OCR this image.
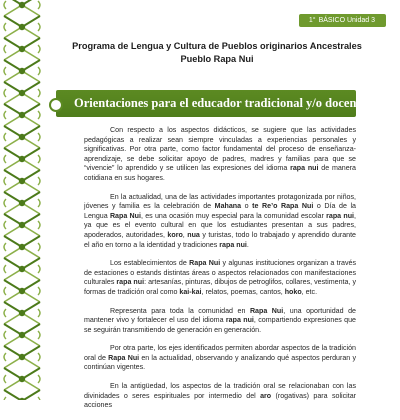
1° BÁSICO Unidad 3
Programa de Lengua y Cultura de Pueblos originarios Ancestrales
Pueblo Rapa Nui
Orientaciones para el educador tradicional y/o docente

Con respecto a los aspectos didácticos, se sugiere que las actividades pedagógicas a realizar sean siempre vinculadas a experiencias personales y significativas. Por otra parte, como factor fundamental del proceso de enseñanza-aprendizaje, se debe solicitar apoyo de padres, madres y familias para que se “vivencie” lo aprendido y se utilicen las expresiones del idioma rapa nui de manera cotidiana en sus hogares.

En la actualidad, una de las actividades importantes protagonizada por niños, jóvenes y familia es la celebración de Mahana o te Re’o Rapa Nui o Día de la Lengua Rapa Nui, es una ocasión muy especial para la comunidad escolar rapa nui, ya que es el evento cultural en que los estudiantes presentan a sus padres, apoderados, autoridades, koro, nua y turistas, todo lo trabajado y aprendido durante el año en torno a la identidad y tradiciones rapa nui.

Los establecimientos de Rapa Nui y algunas instituciones organizan a través de estaciones o estands distintas áreas o aspectos relacionados con manifestaciones culturales rapa nui: artesanías, pinturas, dibujos de petroglifos, collares, vestimenta, y formas de tradición oral como kai-kai, relatos, poemas, cantos, hoko, etc.

Representa para toda la comunidad en Rapa Nui, una oportunidad de mantener vivo y fortalecer el uso del idioma rapa nui, compartiendo expresiones que se seguirán transmitiendo de generación en generación.

Por otra parte, los ejes identificados permiten abordar aspectos de la tradición oral de Rapa Nui en la actualidad, observando y analizando qué aspectos perduran y continúan vigentes.

En la antigüedad, los aspectos de la tradición oral se relacionaban con las divinidades o seres espirituales por intermedio del aro (rogativas) para solicitar acciones
